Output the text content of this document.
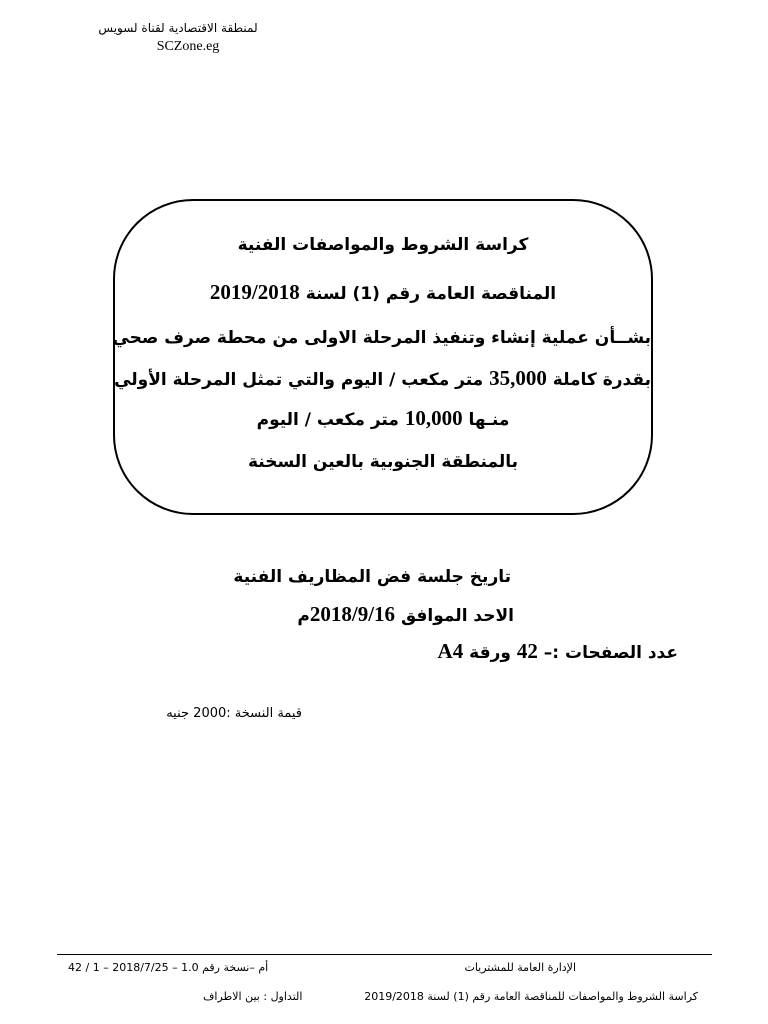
لمنطقة الاقتصادية لقناة لسويس
SCZone.eg
كراسة الشروط والمواصفات الفنية
المناقصة العامة رقم (1) لسنة 2019/2018
بشــأن عملية إنشاء وتنفيذ المرحلة الاولى من محطة صرف صحي
بقدرة كاملة 35,000 متر مكعب / اليوم والتي تمثل المرحلة الأولي
منـها 10,000 متر مكعب / اليوم
بالمنطقة الجنوبية بالعين السخنة
تاريخ جلسة فض المظاريف الفنية
الاحد الموافق 2018/9/16م
عدد الصفحات :– 42 ورقة A4
قيمة النسخة :2000 جنيه
الإدارة العامة للمشتريات
أم –نسخة رقم 1.0 – 2018/7/25 – 1 / 42
كراسة الشروط والمواصفات للمناقصة العامة رقم (1) لسنة 2019/2018
التداول : بين الاطراف
